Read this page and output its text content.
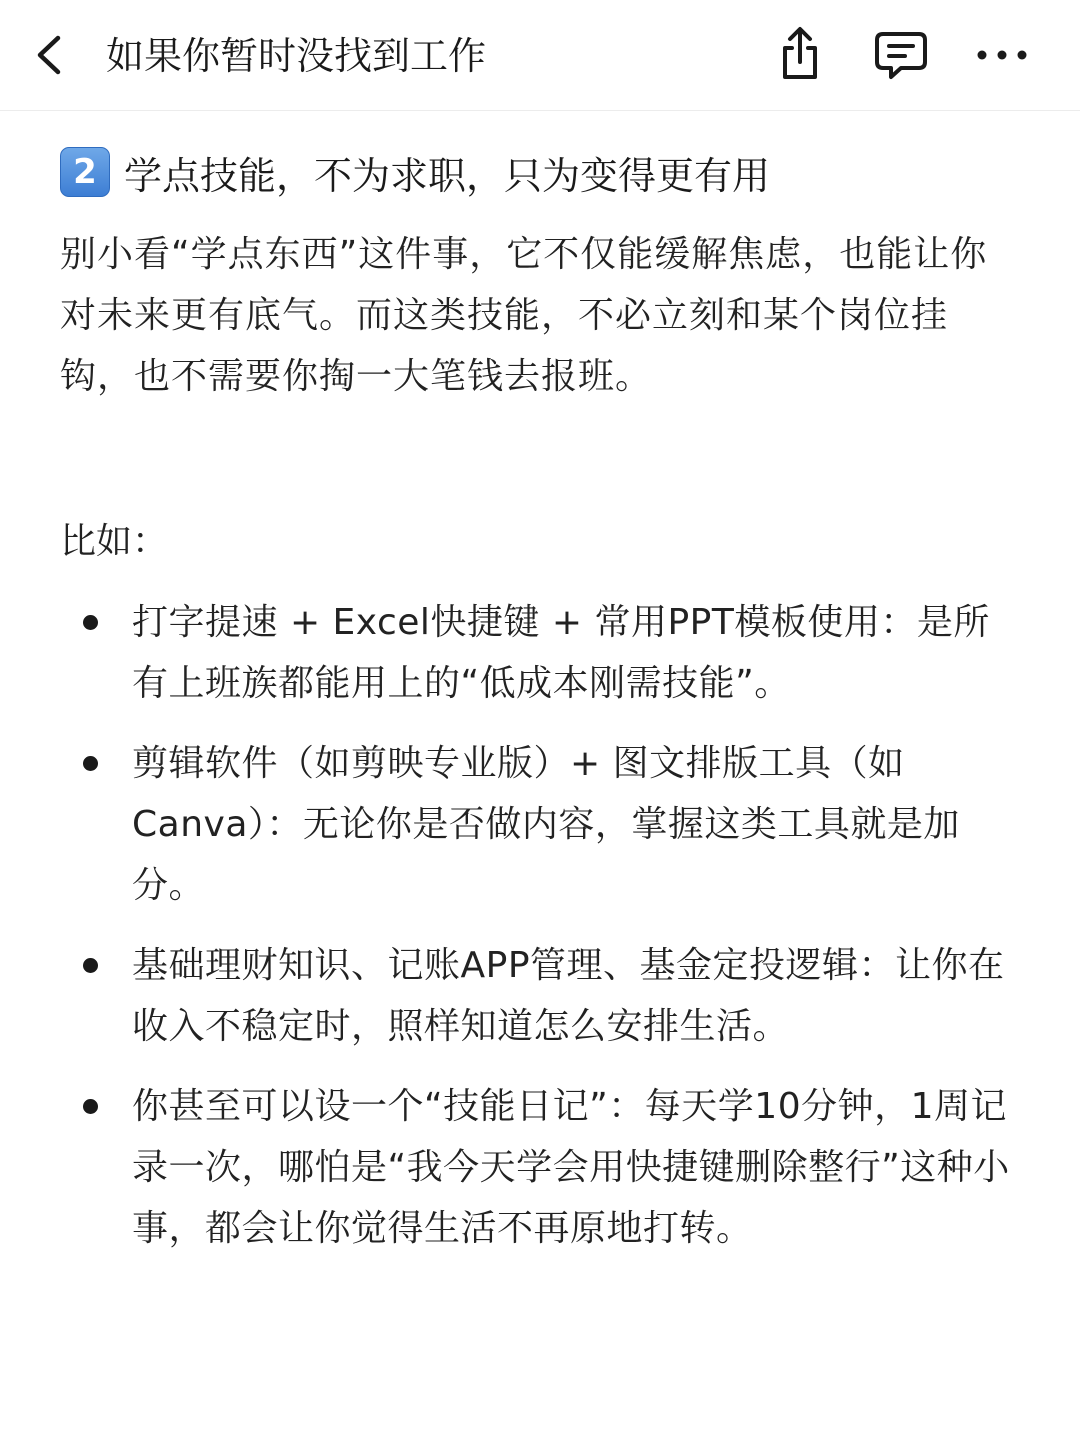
如果你暂时没找到工作
2 学点技能，不为求职，只为变得更有用
别小看“学点东西”这件事，它不仅能缓解焦虑，也能让你对未来更有底气。而这类技能，不必立刻和某个岗位挂钩，也不需要你掏一大笔钱去报班。
比如：
打字提速 + Excel快捷键 + 常用PPT模板使用：是所有上班族都能用上的“低成本刚需技能”。
剪辑软件（如剪映专业版）+ 图文排版工具（如Canva）：无论你是否做内容，掌握这类工具就是加分。
基础理财知识、记账APP管理、基金定投逻辑：让你在收入不稳定时，照样知道怎么安排生活。
你甚至可以设一个“技能日记”：每天学10分钟，1周记录一次，哪怕是“我今天学会用快捷键删除整行”这种小事，都会让你觉得生活不再原地打转。
